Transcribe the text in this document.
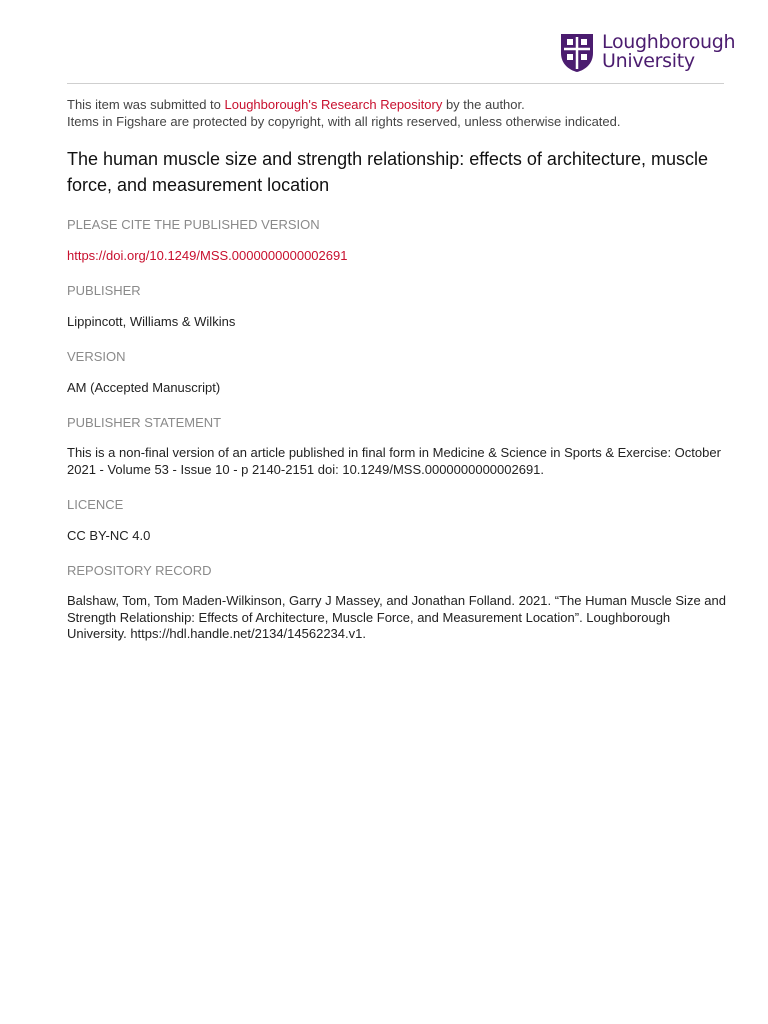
Loughborough
University
This item was submitted to Loughborough's Research Repository by the author.
Items in Figshare are protected by copyright, with all rights reserved, unless otherwise indicated.
The human muscle size and strength relationship: effects of architecture, muscle force, and measurement location
PLEASE CITE THE PUBLISHED VERSION
https://doi.org/10.1249/MSS.0000000000002691
PUBLISHER
Lippincott, Williams & Wilkins
VERSION
AM (Accepted Manuscript)
PUBLISHER STATEMENT
This is a non-final version of an article published in final form in Medicine & Science in Sports & Exercise: October 2021 - Volume 53 - Issue 10 - p 2140-2151 doi: 10.1249/MSS.0000000000002691.
LICENCE
CC BY-NC 4.0
REPOSITORY RECORD
Balshaw, Tom, Tom Maden-Wilkinson, Garry J Massey, and Jonathan Folland. 2021. “The Human Muscle Size and Strength Relationship: Effects of Architecture, Muscle Force, and Measurement Location”. Loughborough University. https://hdl.handle.net/2134/14562234.v1.
